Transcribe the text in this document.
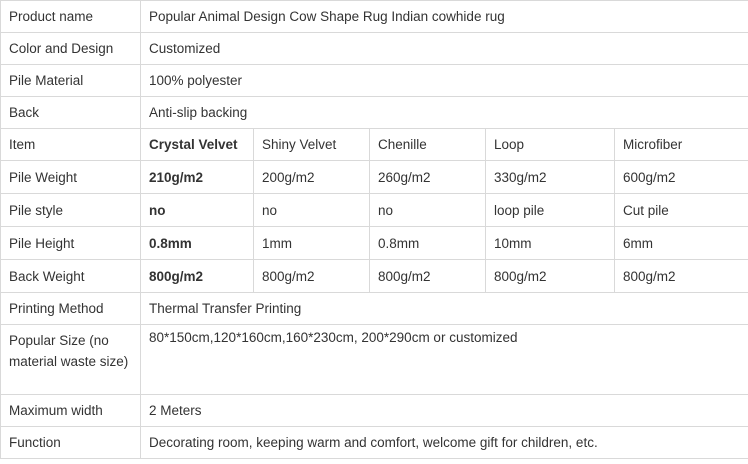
Product name	Popular Animal Design Cow Shape Rug Indian cowhide rug				
Color and Design	Customized				
Pile Material	100% polyester				
Back	Anti-slip backing				
Item	Crystal Velvet	Shiny Velvet	Chenille	Loop	Microfiber
Pile Weight	210g/m2	200g/m2	260g/m2	330g/m2	600g/m2
Pile style	no	no	no	loop pile	Cut pile
Pile Height	0.8mm	1mm	0.8mm	10mm	6mm
Back Weight	800g/m2	800g/m2	800g/m2	800g/m2	800g/m2
Printing Method	Thermal Transfer Printing				
Popular Size (no material waste size)	80*150cm,120*160cm,160*230cm, 200*290cm or customized				
Maximum width	2 Meters				
Function	Decorating room, keeping warm and comfort, welcome gift for children, etc.				
